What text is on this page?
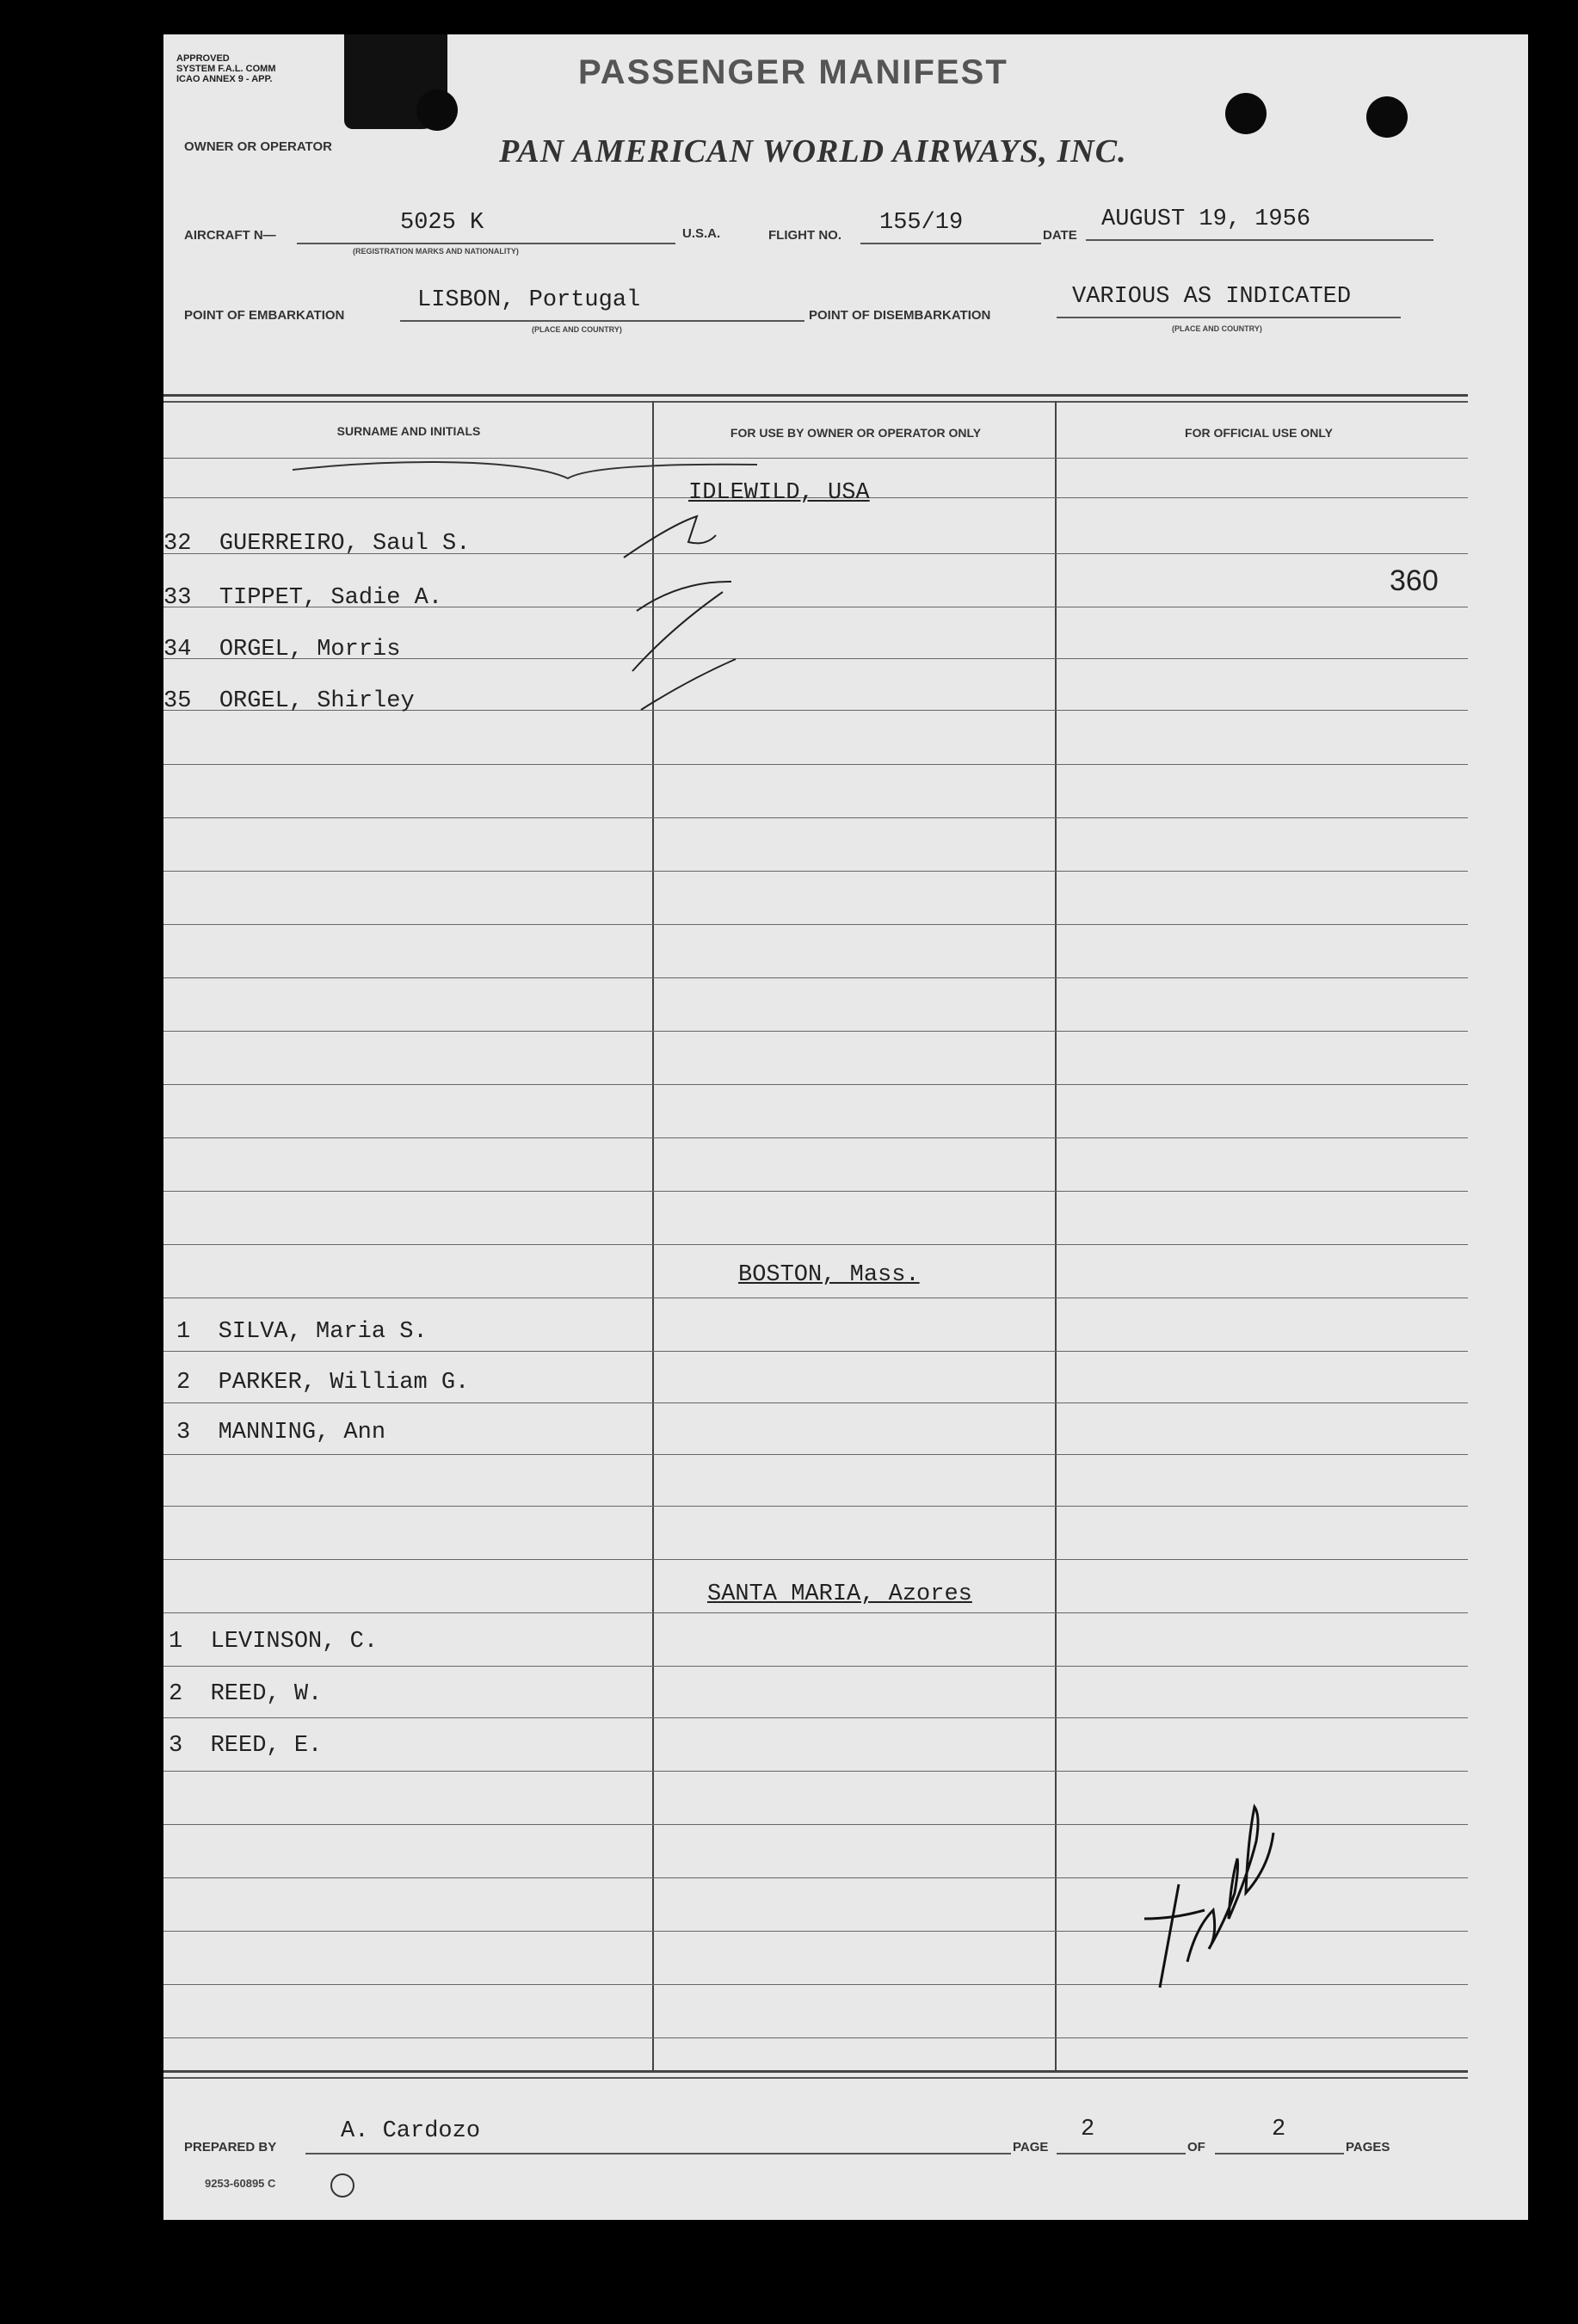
APPROVED
SYSTEM F.A.L. COMM
ICAO ANNEX 9 - APP.	PASSENGER MANIFEST
OWNER OR OPERATOR	PAN AMERICAN WORLD AIRWAYS, INC.
AIRCRAFT N—	5025 K
(REGISTRATION MARKS AND NATIONALITY)
U.S.A.	FLIGHT NO. 155/19	DATE
AUGUST 19, 1956
POINT OF EMBARKATION
LISBON, Portugal
(PLACE AND COUNTRY)
POINT OF DISEMBARKATION
VARIOUS AS INDICATED
(PLACE AND COUNTRY)
SURNAME AND INITIALS	FOR USE BY OWNER OR OPERATOR ONLY	FOR OFFICIAL USE ONLY
IDLEWILD, USA
32 GUERREIRO, Saul S.
33 TIPPET, Sadie A.
34 ORGEL, Morris
35 ORGEL, Shirley
360
BOSTON, Mass.
1 SILVA, Maria S.
2 PARKER, William G.
3 MANNING, Ann
SANTA MARIA, Azores
1 LEVINSON, C.
2 REED, W.
3 REED, E.
PREPARED BY
A. Cardozo
PAGE
2
OF
2
PAGES
9253-60895 C
